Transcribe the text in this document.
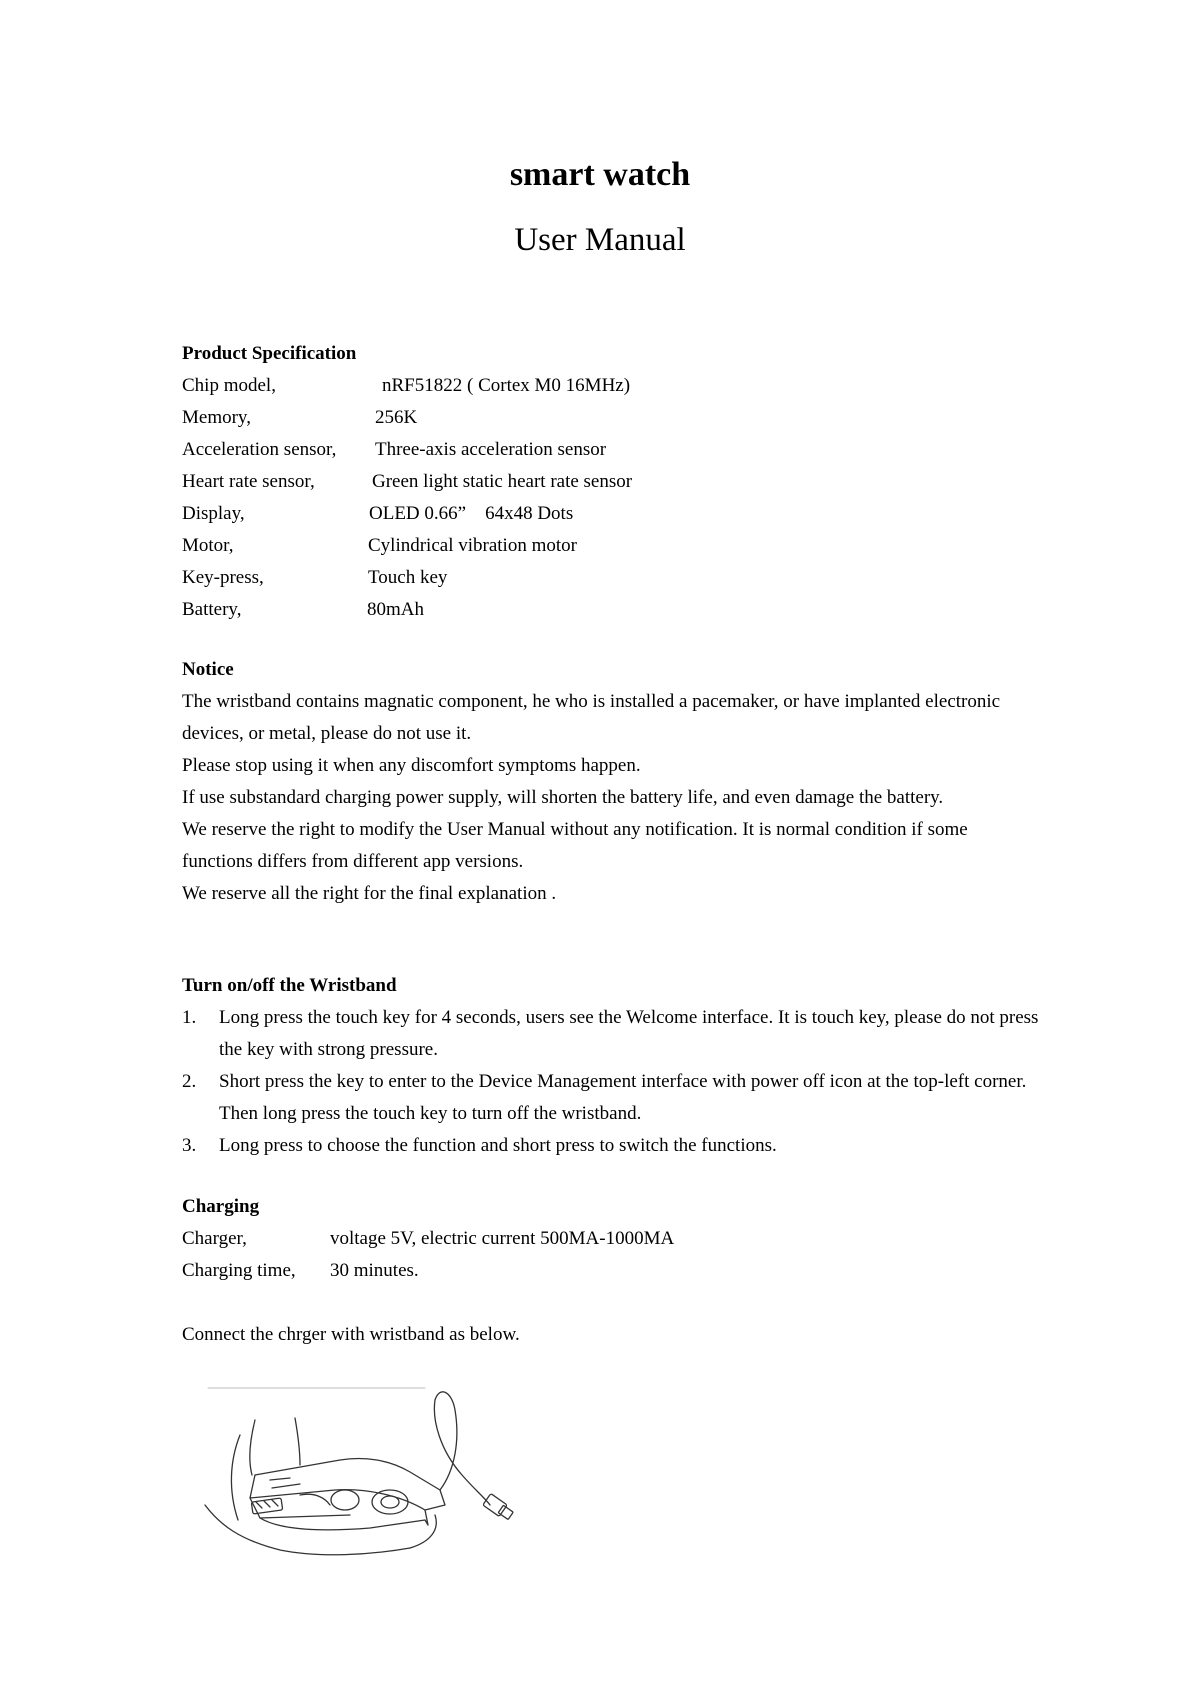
smart watch
User Manual
Product Specification
Chip model,	nRF51822 ( Cortex M0 16MHz)
Memory,	256K
Acceleration sensor, Three-axis acceleration sensor
Heart rate sensor,	Green light static heart rate sensor
Display,	OLED 0.66”    64x48 Dots
Motor,	Cylindrical vibration motor
Key-press,	Touch key
Battery,	80mAh
Notice

The wristband contains magnatic component, he who is installed a pacemaker, or have implanted electronic devices, or metal, please do not use it.

Please stop using it when any discomfort symptoms happen.

If use substandard charging power supply, will shorten the battery life, and even damage the battery.

We reserve the right to modify the User Manual without any notification. It is normal condition if some functions differs from different app versions.

We reserve all the right for the final explanation .

Turn on/off the Wristband
1. Long press the touch key for 4 seconds, users see the Welcome interface. It is touch key, please do not press the key with strong pressure.
2. Short press the key to enter to the Device Management interface with power off icon at the top-left corner. Then long press the touch key to turn off the wristband.
3. Long press to choose the function and short press to switch the functions.
Charging
Charger,	voltage 5V, electric current 500MA-1000MA
Charging time, 30 minutes.

Connect the chrger with wristband as below.
